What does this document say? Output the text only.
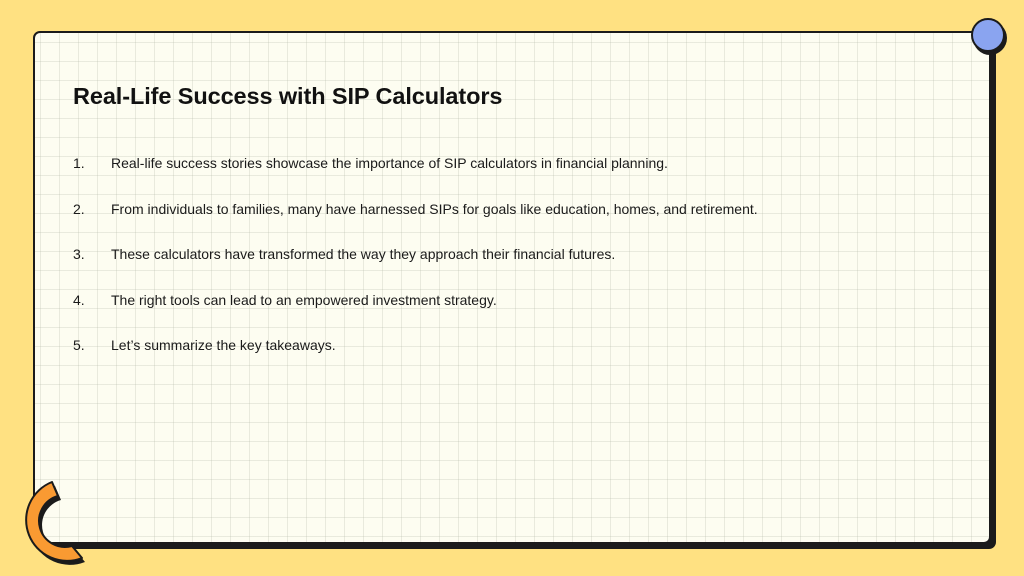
Real-Life Success with SIP Calculators
1. Real-life success stories showcase the importance of SIP calculators in financial planning.
2. From individuals to families, many have harnessed SIPs for goals like education, homes, and retirement.
3. These calculators have transformed the way they approach their financial futures.
4. The right tools can lead to an empowered investment strategy.
5. Let’s summarize the key takeaways.
